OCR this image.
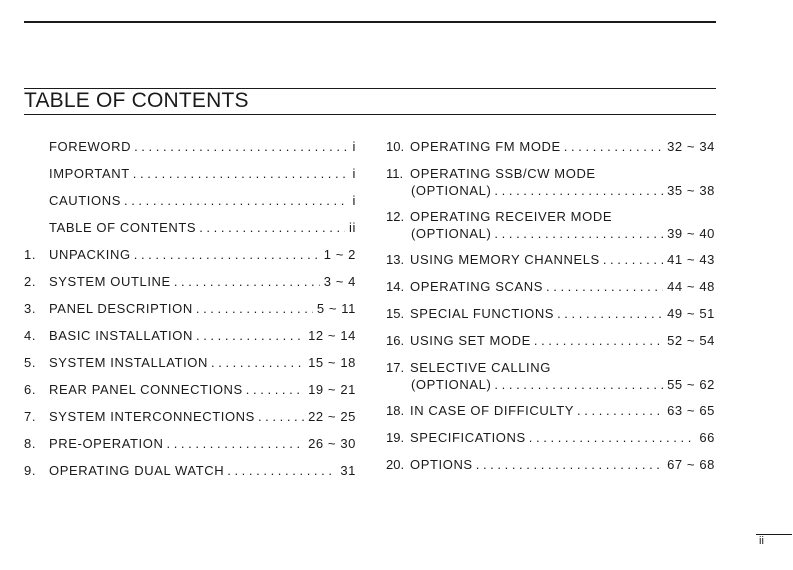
TABLE OF CONTENTS
FOREWORD . . .	i
IMPORTANT . . .	i
CAUTIONS . . .	i
TABLE OF CONTENTS . . .	ii
1. UNPACKING . . .	1 ~ 2
2. SYSTEM OUTLINE . . .	3 ~ 4
3. PANEL DESCRIPTION . . .	5 ~ 11
4. BASIC INSTALLATION . . .	12 ~ 14
5. SYSTEM INSTALLATION . . .	15 ~ 18
6. REAR PANEL CONNECTIONS . . .	19 ~ 21
7. SYSTEM INTERCONNECTIONS . . .	22 ~ 25
8. PRE-OPERATION . . .	26 ~ 30
9. OPERATING DUAL WATCH . . .	31
10. OPERATING FM MODE . . .	32 ~ 34
11. OPERATING SSB/CW MODE
(OPTIONAL) . . .	35 ~ 38
12. OPERATING RECEIVER MODE
(OPTIONAL) . . .	39 ~ 40
13. USING MEMORY CHANNELS . . .	41 ~ 43
14. OPERATING SCANS . . .	44 ~ 48
15. SPECIAL FUNCTIONS . . .	49 ~ 51
16. USING SET MODE . . .	52 ~ 54
17. SELECTIVE CALLING
(OPTIONAL) . . .	55 ~ 62
18. IN CASE OF DIFFICULTY . . .	63 ~ 65
19. SPECIFICATIONS . . .	66
20. OPTIONS . . .	67 ~ 68
ii
